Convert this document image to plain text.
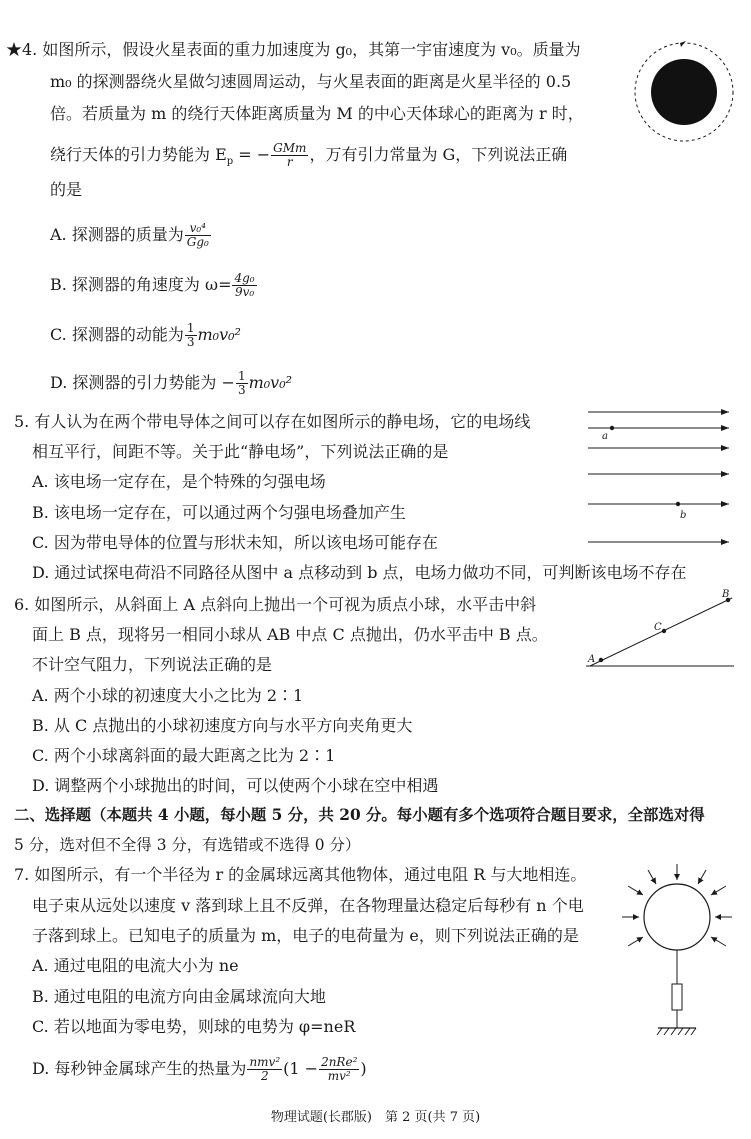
★4. 如图所示，假设火星表面的重力加速度为 g₀，其第一宇宙速度为 v₀。质量为
m₀ 的探测器绕火星做匀速圆周运动，与火星表面的距离是火星半径的 0.5
倍。若质量为 m 的绕行天体距离质量为 M 的中心天体球心的距离为 r 时，
绕行天体的引力势能为 $E_p$ = − $\frac{\text{GMm}}{r}$ ，万有引力常量为 G，下列说法正确
的是
A. 探测器的质量为 $\frac{\text{v₀⁴}}{\text{Gg₀}}$
B. 探测器的角速度为 $\omega= \frac{\text{4g₀}}{\text{9v₀}}$
C. 探测器的动能为 $\frac{1}{3} m_0v_0^2$
D. 探测器的引力势能为 − $\frac{1}{3} m_0v_0^2$
5. 有人认为在两个带电导体之间可以存在如图所示的静电场，它的电场线
相互平行，间距不等。关于此“静电场”，下列说法正确的是
A. 该电场一定存在，是个特殊的匀强电场
B. 该电场一定存在，可以通过两个匀强电场叠加产生
C. 因为带电导体的位置与形状未知，所以该电场可能存在
D. 通过试探电荷沿不同路径从图中 a 点移动到 b 点，电场力做功不同，可判断该电场不存在
a
b
6. 如图所示，从斜面上 A 点斜向上抛出一个可视为质点小球，水平击中斜
面上 B 点，现将另一相同小球从 AB 中点 C 点抛出，仍水平击中 B 点。
不计空气阻力，下列说法正确的是
A. 两个小球的初速度大小之比为 2∶1
B. 从 C 点抛出的小球初速度方向与水平方向夹角更大
C. 两个小球离斜面的最大距离之比为 2∶1
D. 调整两个小球抛出的时间，可以使两个小球在空中相遇
A
C
B
二、选择题（本题共 4 小题，每小题 5 分，共 20 分。每小题有多个选项符合题目要求，全部选对得
5 分，选对但不全得 3 分，有选错或不选得 0 分）
7. 如图所示，有一个半径为 r 的金属球远离其他物体，通过电阻 R 与大地相连。
电子束从远处以速度 v 落到球上且不反弹，在各物理量达稳定后每秒有 n 个电
子落到球上。已知电子的质量为 m，电子的电荷量为 e，则下列说法正确的是
A. 通过电阻的电流大小为 ne
B. 通过电阻的电流方向由金属球流向大地
C. 若以地面为零电势，则球的电势为 φ=neR
D. 每秒钟金属球产生的热量为 $\frac{\text{nmv²}}{2} (1 - \frac{\text{2nRe²}}{\text{mv²}}$ )
物理试题(长郡版)　第 2 页(共 7 页)
